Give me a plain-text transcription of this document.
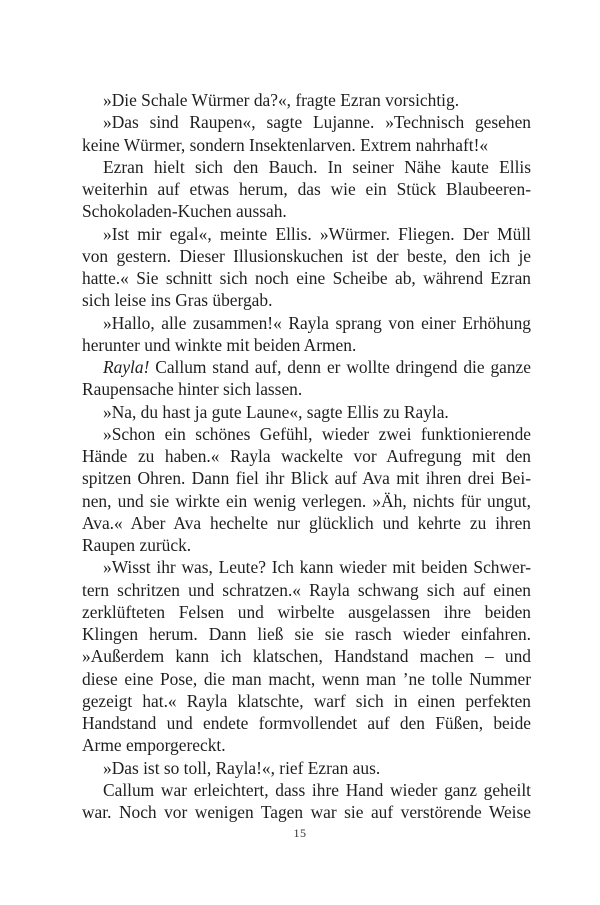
»Die Schale Würmer da?«, fragte Ezran vorsichtig.
»Das sind Raupen«, sagte Lujanne. »Technisch gesehen
keine Würmer, sondern Insektenlarven. Extrem nahrhaft!«
Ezran hielt sich den Bauch. In seiner Nähe kaute Ellis
weiterhin auf etwas herum, das wie ein Stück Blaubeeren-
Schokoladen-Kuchen aussah.
»Ist mir egal«, meinte Ellis. »Würmer. Fliegen. Der Müll
von gestern. Dieser Illusionskuchen ist der beste, den ich je
hatte.« Sie schnitt sich noch eine Scheibe ab, während Ezran
sich leise ins Gras übergab.
»Hallo, alle zusammen!« Rayla sprang von einer Erhöhung
herunter und winkte mit beiden Armen.
Rayla! Callum stand auf, denn er wollte dringend die ganze
Raupensache hinter sich lassen.
»Na, du hast ja gute Laune«, sagte Ellis zu Rayla.
»Schon ein schönes Gefühl, wieder zwei funktionierende
Hände zu haben.« Rayla wackelte vor Aufregung mit den
spitzen Ohren. Dann fiel ihr Blick auf Ava mit ihren drei Bei-
nen, und sie wirkte ein wenig verlegen. »Äh, nichts für ungut,
Ava.« Aber Ava hechelte nur glücklich und kehrte zu ihren
Raupen zurück.
»Wisst ihr was, Leute? Ich kann wieder mit beiden Schwer-
tern schritzen und schratzen.« Rayla schwang sich auf einen
zerklüfteten Felsen und wirbelte ausgelassen ihre beiden
Klingen herum. Dann ließ sie sie rasch wieder einfahren.
»Außerdem kann ich klatschen, Handstand machen – und
diese eine Pose, die man macht, wenn man ’ne tolle Nummer
gezeigt hat.« Rayla klatschte, warf sich in einen perfekten
Handstand und endete formvollendet auf den Füßen, beide
Arme emporgereckt.
»Das ist so toll, Rayla!«, rief Ezran aus.
Callum war erleichtert, dass ihre Hand wieder ganz geheilt
war. Noch vor wenigen Tagen war sie auf verstörende Weise
15
